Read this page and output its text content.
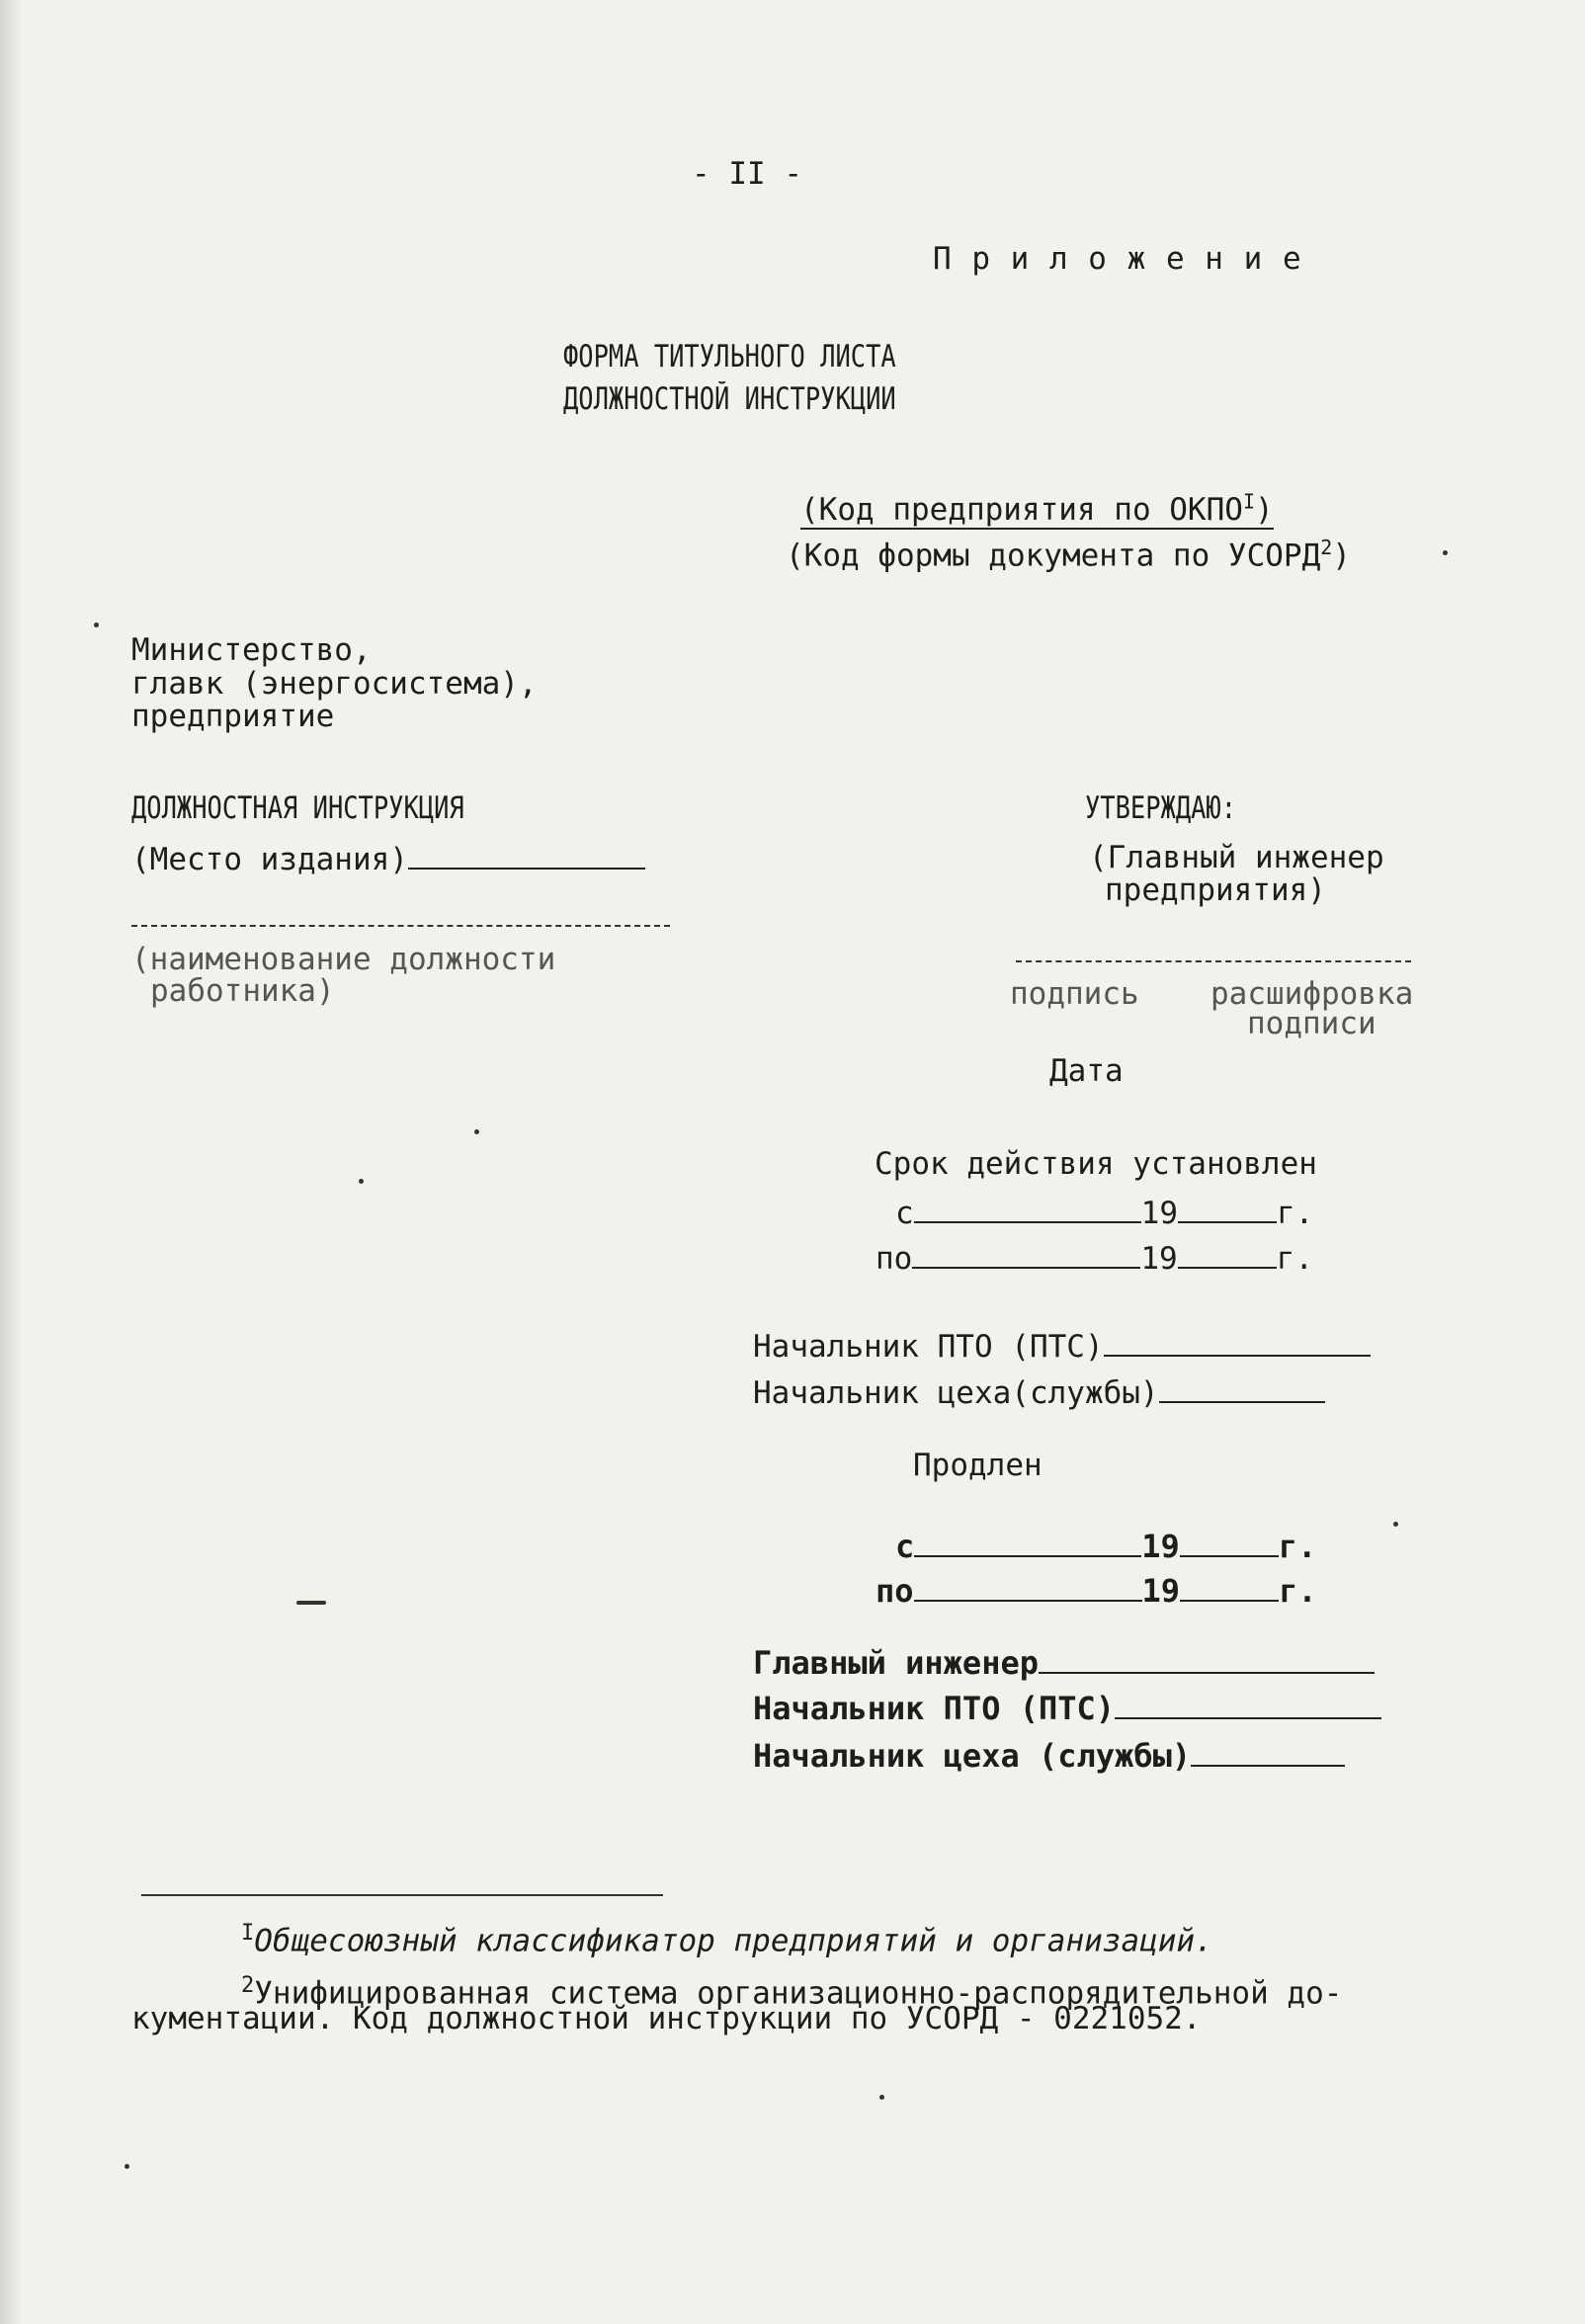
- II -
П р и л о ж е н и е
ФОРМА ТИТУЛЬНОГО ЛИСТА
ДОЛЖНОСТНОЙ ИНСТРУКЦИИ
(Код предприятия по $ОКПО^I$)
(Код формы документа по УСОРД$^2$)
Министерство,
главк (энергосистема),
предприятие
ДОЛЖНОСТНАЯ ИНСТРУКЦИЯ
(Место издания)
(наименование должности
работника)
УТВЕРЖДАЮ:
(Главный инженер
предприятия)
подпись расшифровка
подписи
Дата
Срок действия установлен
с	19	г.
по	19	г.
Начальник ПТО (ПТС)
Начальник цеха(службы)
Продлен
с	19	г.
по	19	г.
Главный инженер
Начальник ПТО (ПТС)
Начальник цеха (службы)
$^I$Общесоюзный классификатор предприятий и организаций.
$^2$Унифицированная система организационно-распорядительной до-
кументации. Код должностной инструкции по УСОРД - 0221052.
